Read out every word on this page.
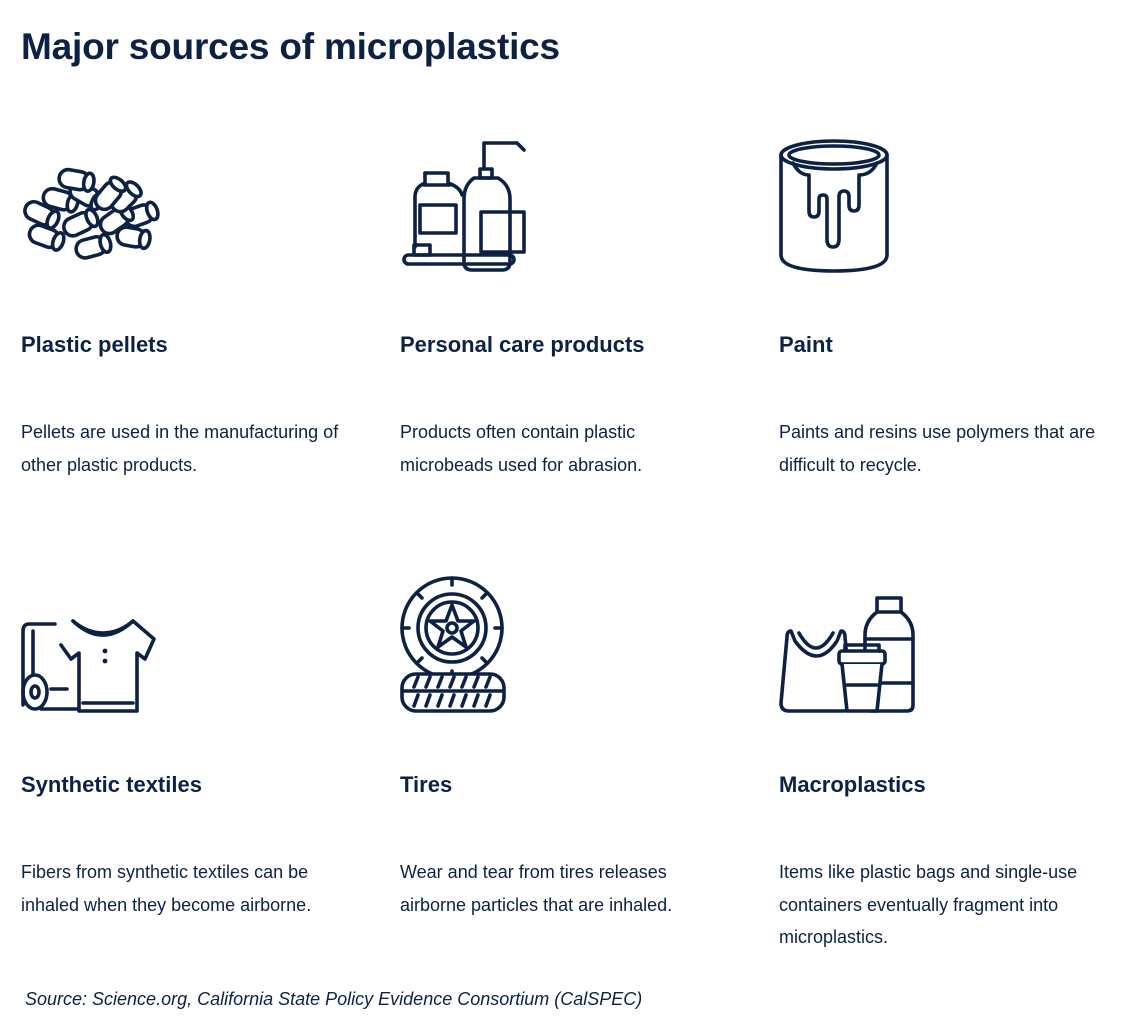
Major sources of microplastics
Plastic pellets

Pellets are used in the manufacturing of other plastic products.

Personal care products

Products often contain plastic microbeads used for abrasion.

Paint

Paints and resins use polymers that are difficult to recycle.

Synthetic textiles

Fibers from synthetic textiles can be inhaled when they become airborne.

Tires

Wear and tear from tires releases airborne particles that are inhaled.

Macroplastics

Items like plastic bags and single-use containers eventually fragment into microplastics.

Source: Science.org, California State Policy Evidence Consortium (CalSPEC)
